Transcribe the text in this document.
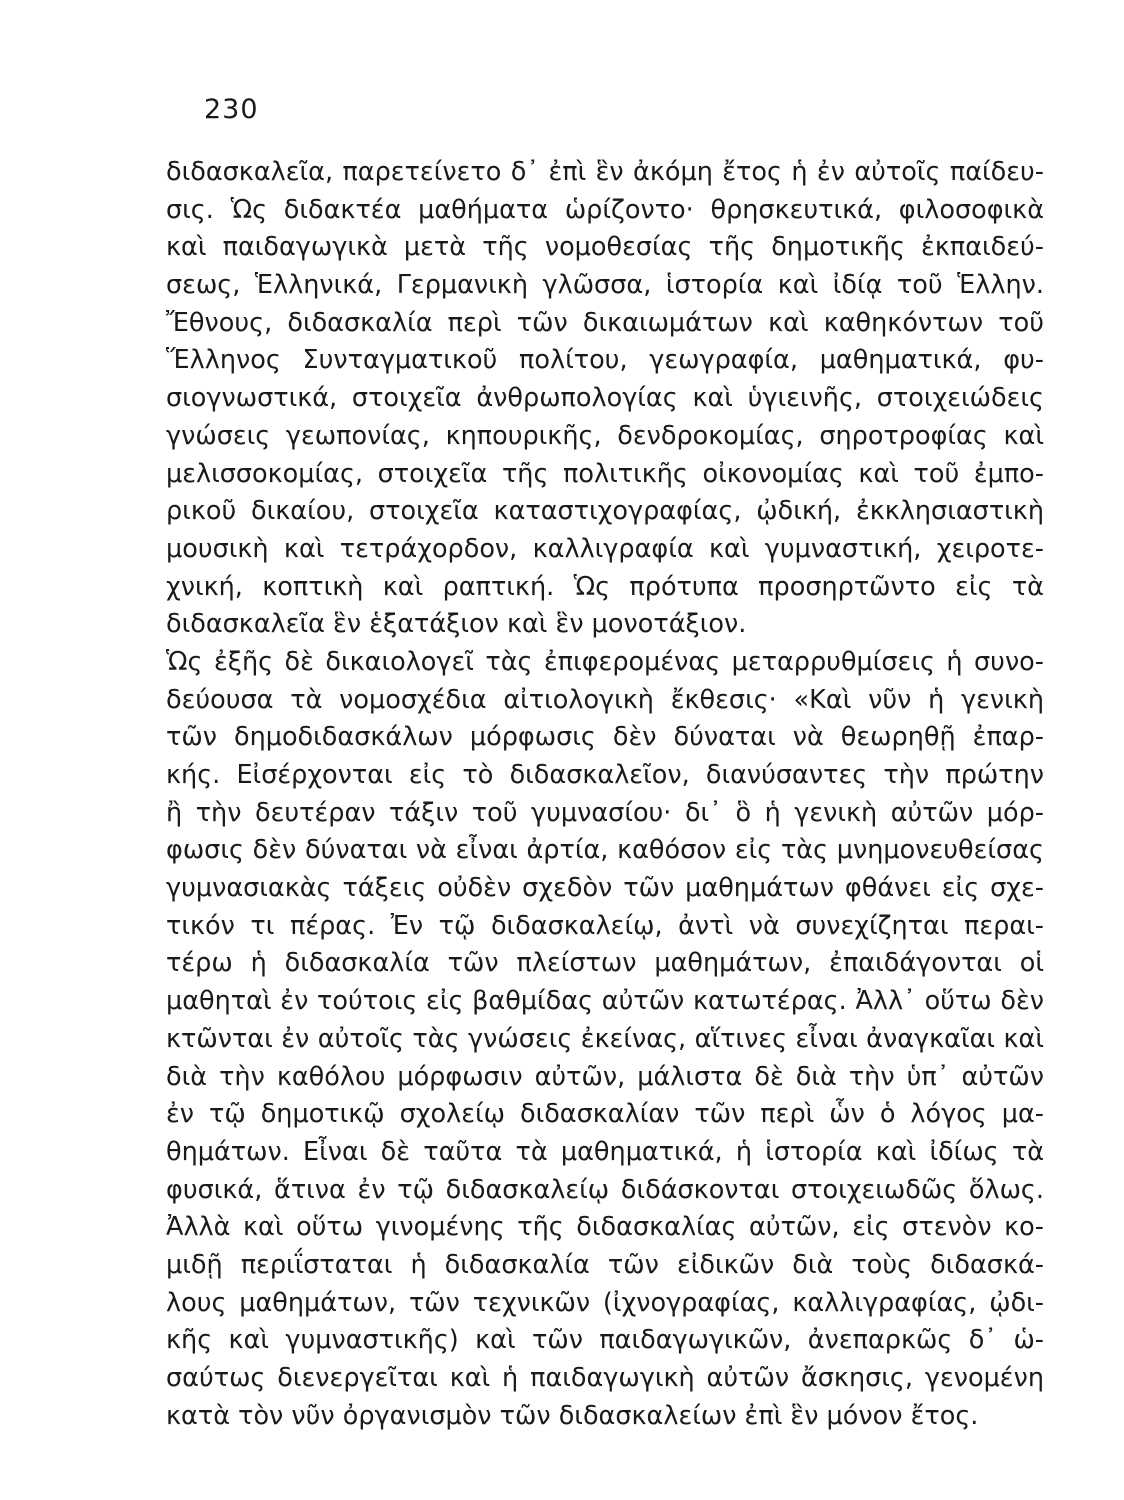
230
διδασκαλεῖα, παρετείνετο δ᾽ ἐπὶ ἓν ἀκόμη ἔτος ἡ ἐν αὐτοῖς παίδευ-
σις. Ὡς διδακτέα μαθήματα ὡρίζοντο· θρησκευτικά, φιλοσοφικὰ
καὶ παιδαγωγικὰ μετὰ τῆς νομοθεσίας τῆς δημοτικῆς ἐκπαιδεύ-
σεως, Ἑλληνικά, Γερμανικὴ γλῶσσα, ἱστορία καὶ ἰδίᾳ τοῦ Ἑλλην.
Ἔθνους, διδασκαλία περὶ τῶν δικαιωμάτων καὶ καθηκόντων τοῦ
Ἕλληνος Συνταγματικοῦ πολίτου, γεωγραφία, μαθηματικά, φυ-
σιογνωστικά, στοιχεῖα ἀνθρωπολογίας καὶ ὑγιεινῆς, στοιχειώδεις
γνώσεις γεωπονίας, κηπουρικῆς, δενδροκομίας, σηροτροφίας καὶ
μελισσοκομίας, στοιχεῖα τῆς πολιτικῆς οἰκονομίας καὶ τοῦ ἐμπο-
ρικοῦ δικαίου, στοιχεῖα καταστιχογραφίας, ᾠδική, ἐκκλησιαστικὴ
μουσικὴ καὶ τετράχορδον, καλλιγραφία καὶ γυμναστική, χειροτε-
χνική, κοπτικὴ καὶ ραπτική. Ὡς πρότυπα προσηρτῶντο εἰς τὰ
διδασκαλεῖα ἓν ἑξατάξιον καὶ ἓν μονοτάξιον.
Ὡς ἐξῆς δὲ δικαιολογεῖ τὰς ἐπιφερομένας μεταρρυθμίσεις ἡ συνο-
δεύουσα τὰ νομοσχέδια αἰτιολογικὴ ἔκθεσις· «Καὶ νῦν ἡ γενικὴ
τῶν δημοδιδασκάλων μόρφωσις δὲν δύναται νὰ θεωρηθῇ ἐπαρ-
κής. Εἰσέρχονται εἰς τὸ διδασκαλεῖον, διανύσαντες τὴν πρώτην
ἢ τὴν δευτέραν τάξιν τοῦ γυμνασίου· δι᾽ ὃ ἡ γενικὴ αὐτῶν μόρ-
φωσις δὲν δύναται νὰ εἶναι ἀρτία, καθόσον εἰς τὰς μνημονευθείσας
γυμνασιακὰς τάξεις οὐδὲν σχεδὸν τῶν μαθημάτων φθάνει εἰς σχε-
τικόν τι πέρας. Ἐν τῷ διδασκαλείῳ, ἀντὶ νὰ συνεχίζηται περαι-
τέρω ἡ διδασκαλία τῶν πλείστων μαθημάτων, ἐπαιδάγονται οἱ
μαθηταὶ ἐν τούτοις εἰς βαθμίδας αὐτῶν κατωτέρας. Ἀλλ᾽ οὕτω δὲν
κτῶνται ἐν αὐτοῖς τὰς γνώσεις ἐκείνας, αἵτινες εἶναι ἀναγκαῖαι καὶ
διὰ τὴν καθόλου μόρφωσιν αὐτῶν, μάλιστα δὲ διὰ τὴν ὑπ᾽ αὐτῶν
ἐν τῷ δημοτικῷ σχολείῳ διδασκαλίαν τῶν περὶ ὧν ὁ λόγος μα-
θημάτων. Εἶναι δὲ ταῦτα τὰ μαθηματικά, ἡ ἱστορία καὶ ἰδίως τὰ
φυσικά, ἅτινα ἐν τῷ διδασκαλείῳ διδάσκονται στοιχειωδῶς ὅλως.
Ἀλλὰ καὶ οὕτω γινομένης τῆς διδασκαλίας αὐτῶν, εἰς στενὸν κο-
μιδῇ περιΐσταται ἡ διδασκαλία τῶν εἰδικῶν διὰ τοὺς διδασκά-
λους μαθημάτων, τῶν τεχνικῶν (ἰχνογραφίας, καλλιγραφίας, ᾠδι-
κῆς καὶ γυμναστικῆς) καὶ τῶν παιδαγωγικῶν, ἀνεπαρκῶς δ᾽ ὡ-
σαύτως διενεργεῖται καὶ ἡ παιδαγωγικὴ αὐτῶν ἄσκησις, γενομένη
κατὰ τὸν νῦν ὀργανισμὸν τῶν διδασκαλείων ἐπὶ ἓν μόνον ἔτος.
